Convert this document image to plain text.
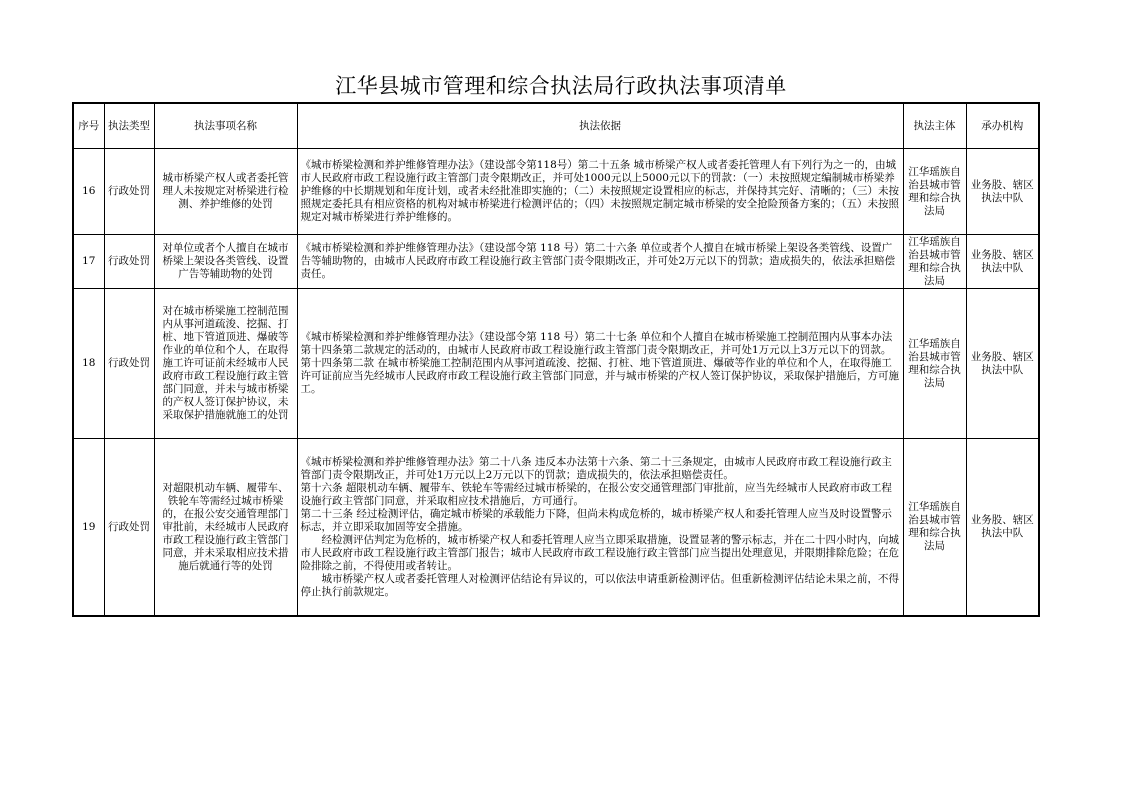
江华县城市管理和综合执法局行政执法事项清单
序号	执法类型	执法事项名称	执法依据	执法主体	承办机构
16	行政处罚	城市桥梁产权人或者委托管理人未按规定对桥梁进行检测、养护维修的处罚	《城市桥梁检测和养护维修管理办法》（建设部令第118号）第二十五条 城市桥梁产权人或者委托管理人有下列行为之一的，由城市人民政府市政工程设施行政主管部门责令限期改正，并可处1000元以上5000元以下的罚款：（一）未按照规定编制城市桥梁养护维修的中长期规划和年度计划，或者未经批准即实施的；（二）未按照规定设置相应的标志，并保持其完好、清晰的；（三）未按照规定委托具有相应资格的机构对城市桥梁进行检测评估的；（四）未按照规定制定城市桥梁的安全抢险预备方案的；（五）未按照规定对城市桥梁进行养护维修的。	江华瑶族自治县城市管理和综合执法局	业务股、辖区执法中队
17	行政处罚	对单位或者个人擅自在城市桥梁上架设各类管线、设置广告等辅助物的处罚	《城市桥梁检测和养护维修管理办法》（建设部令第 118 号）第二十六条 单位或者个人擅自在城市桥梁上架设各类管线、设置广告等辅助物的，由城市人民政府市政工程设施行政主管部门责令限期改正，并可处2万元以下的罚款；造成损失的，依法承担赔偿责任。	江华瑶族自治县城市管理和综合执法局	业务股、辖区执法中队
18	行政处罚	对在城市桥梁施工控制范围内从事河道疏浚、挖掘、打桩、地下管道顶进、爆破等作业的单位和个人，在取得施工许可证前未经城市人民政府市政工程设施行政主管部门同意，并未与城市桥梁的产权人签订保护协议，未采取保护措施就施工的处罚	《城市桥梁检测和养护维修管理办法》（建设部令第 118 号）第二十七条 单位和个人擅自在城市桥梁施工控制范围内从事本办法第十四条第二款规定的活动的，由城市人民政府市政工程设施行政主管部门责令限期改正，并可处1万元以上3万元以下的罚款。
第十四条第二款 在城市桥梁施工控制范围内从事河道疏浚、挖掘、打桩、地下管道顶进、爆破等作业的单位和个人，在取得施工许可证前应当先经城市人民政府市政工程设施行政主管部门同意，并与城市桥梁的产权人签订保护协议，采取保护措施后，方可施工。	江华瑶族自治县城市管理和综合执法局	业务股、辖区执法中队
19	行政处罚	对超限机动车辆、履带车、铁轮车等需经过城市桥梁的，在报公安交通管理部门审批前，未经城市人民政府市政工程设施行政主管部门同意，并未采取相应技术措施后就通行等的处罚	《城市桥梁检测和养护维修管理办法》第二十八条 违反本办法第十六条、第二十三条规定，由城市人民政府市政工程设施行政主管部门责令限期改正，并可处1万元以上2万元以下的罚款；造成损失的，依法承担赔偿责任。
第十六条 超限机动车辆、履带车、铁轮车等需经过城市桥梁的，在报公安交通管理部门审批前，应当先经城市人民政府市政工程设施行政主管部门同意，并采取相应技术措施后，方可通行。
第二十三条 经过检测评估，确定城市桥梁的承载能力下降，但尚未构成危桥的，城市桥梁产权人和委托管理人应当及时设置警示标志，并立即采取加固等安全措施。
经检测评估判定为危桥的，城市桥梁产权人和委托管理人应当立即采取措施，设置显著的警示标志，并在二十四小时内，向城市人民政府市政工程设施行政主管部门报告；城市人民政府市政工程设施行政主管部门应当提出处理意见，并限期排除危险；在危险排除之前，不得使用或者转让。
城市桥梁产权人或者委托管理人对检测评估结论有异议的，可以依法申请重新检测评估。但重新检测评估结论未果之前，不得停止执行前款规定。	江华瑶族自治县城市管理和综合执法局	业务股、辖区执法中队
